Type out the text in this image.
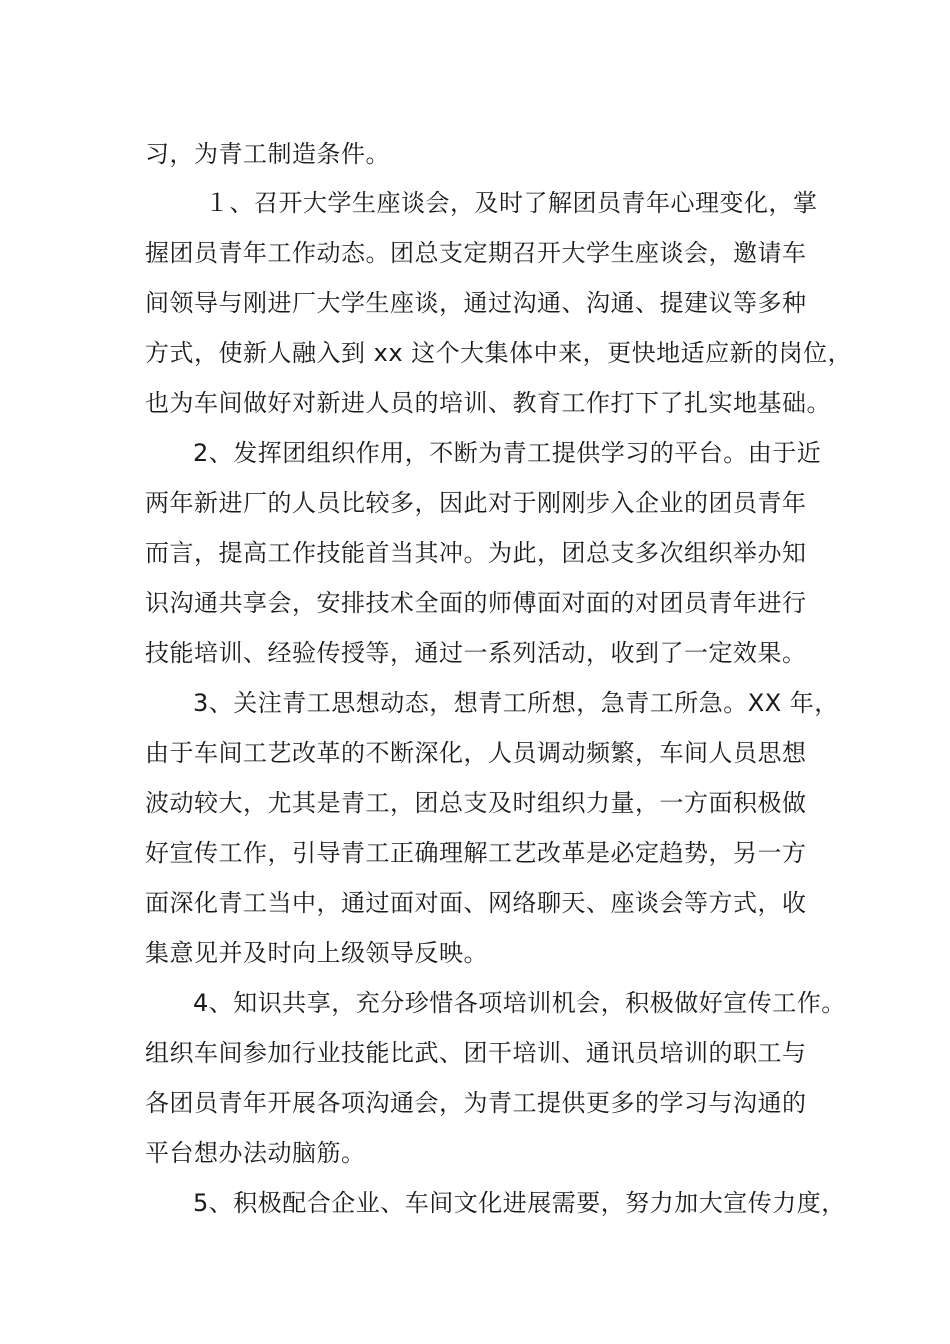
习，为青工制造条件。
１、召开大学生座谈会，及时了解团员青年心理变化，掌
握团员青年工作动态。团总支定期召开大学生座谈会，邀请车
间领导与刚进厂大学生座谈，通过沟通、沟通、提建议等多种
方式，使新人融入到 xx 这个大集体中来，更快地适应新的岗位，
也为车间做好对新进人员的培训、教育工作打下了扎实地基础。
2、发挥团组织作用，不断为青工提供学习的平台。由于近
两年新进厂的人员比较多，因此对于刚刚步入企业的团员青年
而言，提高工作技能首当其冲。为此，团总支多次组织举办知
识沟通共享会，安排技术全面的师傅面对面的对团员青年进行
技能培训、经验传授等，通过一系列活动，收到了一定效果。
3、关注青工思想动态，想青工所想，急青工所急。XX 年，
由于车间工艺改革的不断深化，人员调动频繁，车间人员思想
波动较大，尤其是青工，团总支及时组织力量，一方面积极做
好宣传工作，引导青工正确理解工艺改革是必定趋势，另一方
面深化青工当中，通过面对面、网络聊天、座谈会等方式，收
集意见并及时向上级领导反映。
4、知识共享，充分珍惜各项培训机会，积极做好宣传工作。
组织车间参加行业技能比武、团干培训、通讯员培训的职工与
各团员青年开展各项沟通会，为青工提供更多的学习与沟通的
平台想办法动脑筋。
5、积极配合企业、车间文化进展需要，努力加大宣传力度，
